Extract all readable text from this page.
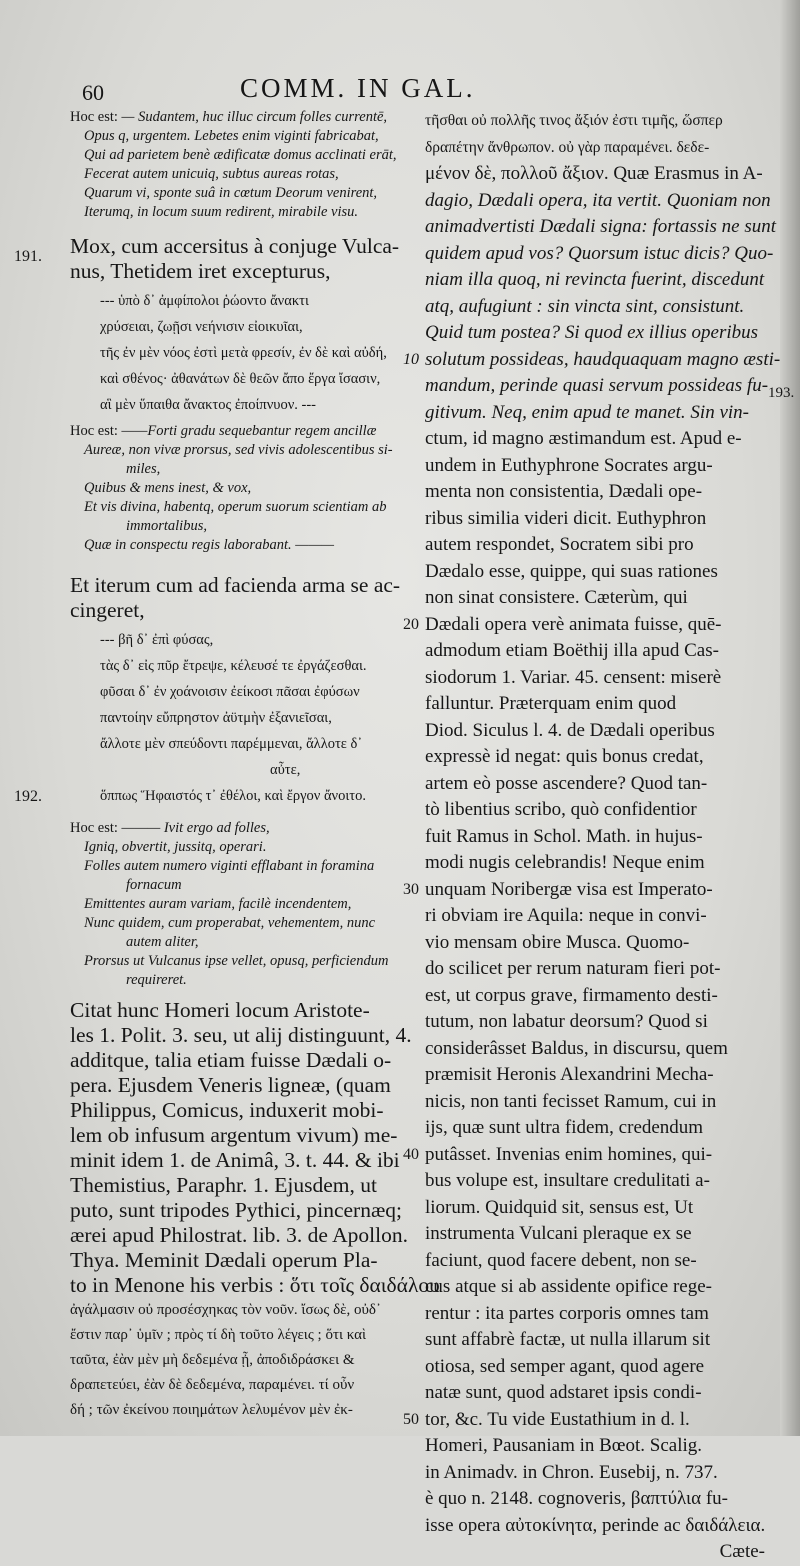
60	COMM. IN GAL.
Hoc est: — Sudantem, huc illuc circum folles currentē,
Opus q, urgentem. Lebetes enim viginti fabricabat,
Qui ad parietem benè ædificatæ domus acclinati erāt,
Fecerat autem unicuiq, subtus aureas rotas,
Quarum vi, sponte suâ in cœtum Deorum venirent,
Iterumq, in locum suum redirent, mirabile visu.
Mox, cum accersitus à conjuge Vulca-
nus, Thetidem iret excepturus,
--- ὑπὸ δ᾽ ἀμφίπολοι ῥώοντο ἄνακτι
χρύσειαι, ζωῇσι νεήνισιν εἰοικυῖαι,
τῆς ἐν μὲν νόος ἐστὶ μετὰ φρεσίν, ἐν δὲ καὶ αὐδή,
καὶ σθένος· ἀθανάτων δὲ θεῶν ἄπο ἔργα ἴσασιν,
αἳ μὲν ὕπαιθα ἄνακτος ἐποίπνυον. ---
Hoc est: ——Forti gradu sequebantur regem ancillæ
Aureæ, non vivæ prorsus, sed vivis adolescentibus si-
miles,
Quibus & mens inest, & vox,
Et vis divina, habentq, operum suorum scientiam ab
immortalibus,
Quæ in conspectu regis laborabant. ———
Et iterum cum ad facienda arma se ac-
cingeret,
--- βῆ δ᾽ ἐπὶ φύσας,
τὰς δ᾽ εἰς πῦρ ἔτρεψε, κέλευσέ τε ἐργάζεσθαι.
φῦσαι δ᾽ ἐν χοάνοισιν ἐείκοσι πᾶσαι ἐφύσων
παντοίην εὔπρηστον ἀϋτμὴν ἐξανιεῖσαι,
ἄλλοτε μὲν σπεύδοντι παρέμμεναι, ἄλλοτε δ᾽
αὖτε,
ὅππως Ἥφαιστός τ᾽ ἐθέλοι, καὶ ἔργον ἄνοιτο.
Hoc est: ——— Ivit ergo ad folles,
Igniq, obvertit, jussitq, operari.
Folles autem numero viginti efflabant in foramina
fornacum
Emittentes auram variam, facilè incendentem,
Nunc quidem, cum properabat, vehementem, nunc
autem aliter,
Prorsus ut Vulcanus ipse vellet, opusq, perficiendum
requireret.
Citat hunc Homeri locum Aristote-
les 1. Polit. 3. seu, ut alij distinguunt, 4.
additque, talia etiam fuisse Dædali o-
pera. Ejusdem Veneris ligneæ, (quam
Philippus, Comicus, induxerit mobi-
lem ob infusum argentum vivum) me-
minit idem 1. de Animâ, 3. t. 44. & ibi
Themistius, Paraphr. 1. Ejusdem, ut
puto, sunt tripodes Pythici, pincernæq;
ærei apud Philostrat. lib. 3. de Apollon.
Thya. Meminit Dædali operum Pla-
to in Menone his verbis : ὅτι τοῖς δαιδάλου
ἀγάλμασιν οὐ προσέσχηκας τὸν νοῦν. ἴσως δὲ, οὐδ᾽
ἔστιν παρ᾽ ὑμῖν ; πρὸς τί δὴ τοῦτο λέγεις ; ὅτι καὶ
ταῦτα, ἐὰν μὲν μὴ δεδεμένα ᾖ, ἀποδιδράσκει &
δραπετεύει, ἐὰν δὲ δεδεμένα, παραμένει. τί οὖν
δή ; τῶν ἐκείνου ποιημάτων λελυμένον μὲν ἐκ-
τῆσθαι οὐ πολλῆς τινος ἄξιόν ἐστι τιμῆς, ὥσπερ
δραπέτην ἄνθρωπον. οὐ γὰρ παραμένει. δεδε-
μένον δὲ, πολλοῦ ἄξιον. Quæ Erasmus in A-
dagio, Dædali opera, ita vertit. Quoniam non
animadvertisti Dædali signa: fortassis ne sunt
quidem apud vos? Quorsum istuc dicis? Quo-
niam illa quoq, ni revincta fuerint, discedunt
atq, aufugiunt : sin vincta sint, consistunt.
Quid tum postea? Si quod ex illius operibus
10 solutum possideas, haudquaquam magno æsti-
mandum, perinde quasi servum possideas fu-
gitivum. Neq, enim apud te manet. Sin vin-
ctum, id magno æstimandum est. Apud e-
undem in Euthyphrone Socrates argu-
menta non consistentia, Dædali ope-
ribus similia videri dicit. Euthyphron
autem respondet, Socratem sibi pro
Dædalo esse, quippe, qui suas rationes
non sinat consistere. Cæterùm, qui
20 Dædali opera verè animata fuisse, quē-
admodum etiam Boëthij illa apud Cas-
siodorum 1. Variar. 45. censent: miserè
falluntur. Præterquam enim quod
Diod. Siculus l. 4. de Dædali operibus
expressè id negat: quis bonus credat,
artem eò posse ascendere? Quod tan-
tò libentius scribo, quò confidentior
fuit Ramus in Schol. Math. in hujus-
modi nugis celebrandis! Neque enim
30 unquam Noribergæ visa est Imperato-
ri obviam ire Aquila: neque in convi-
vio mensam obire Musca. Quomo-
do scilicet per rerum naturam fieri pot-
est, ut corpus grave, firmamento desti-
tutum, non labatur deorsum? Quod si
considerâsset Baldus, in discursu, quem
præmisit Heronis Alexandrini Mecha-
nicis, non tanti fecisset Ramum, cui in
ijs, quæ sunt ultra fidem, credendum
40 putâsset. Invenias enim homines, qui-
bus volupe est, insultare credulitati a-
liorum. Quidquid sit, sensus est, Ut
instrumenta Vulcani pleraque ex se
faciunt, quod facere debent, non se-
cus atque si ab assidente opifice rege-
rentur : ita partes corporis omnes tam
sunt affabrè factæ, ut nulla illarum sit
otiosa, sed semper agant, quod agere
natæ sunt, quod adstaret ipsis condi-
50 tor, &c. Tu vide Eustathium in d. l.
Homeri, Pausaniam in Bœot. Scalig.
in Animadv. in Chron. Eusebij, n. 737.
è quo n. 2148. cognoveris, βαπτύλια fu-
isse opera αὐτοκίνητα, perinde ac δαιδάλεια.
Cæte-
191.
192.
193.
